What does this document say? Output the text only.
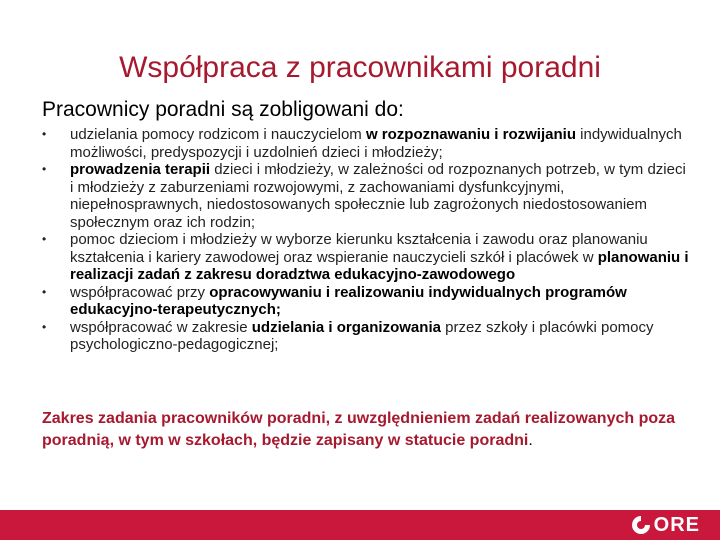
Współpraca z pracownikami poradni
Pracownicy poradni są zobligowani do:
•	udzielania pomocy rodzicom i nauczycielom w rozpoznawaniu i rozwijaniu indywidualnych możliwości, predyspozycji i uzdolnień dzieci i młodzieży;
•	prowadzenia terapii dzieci i młodzieży, w zależności od rozpoznanych potrzeb, w tym dzieci i młodzieży z zaburzeniami rozwojowymi, z zachowaniami dysfunkcyjnymi, niepełnosprawnych, niedostosowanych społecznie lub zagrożonych niedostosowaniem społecznym oraz ich rodzin;
•	pomoc dzieciom i młodzieży w wyborze kierunku kształcenia i zawodu oraz planowaniu kształcenia i kariery zawodowej oraz wspieranie nauczycieli szkół i placówek w planowaniu i realizacji zadań z zakresu doradztwa edukacyjno-zawodowego
•	współpracować przy opracowywaniu i realizowaniu indywidualnych programów edukacyjno-terapeutycznych;
•	współpracować w zakresie udzielania i organizowania przez szkoły i placówki pomocy psychologiczno-pedagogicznej;
Zakres zadania pracowników poradni, z uwzględnieniem zadań realizowanych poza poradnią, w tym w szkołach, będzie zapisany w statucie poradni.
ORE
